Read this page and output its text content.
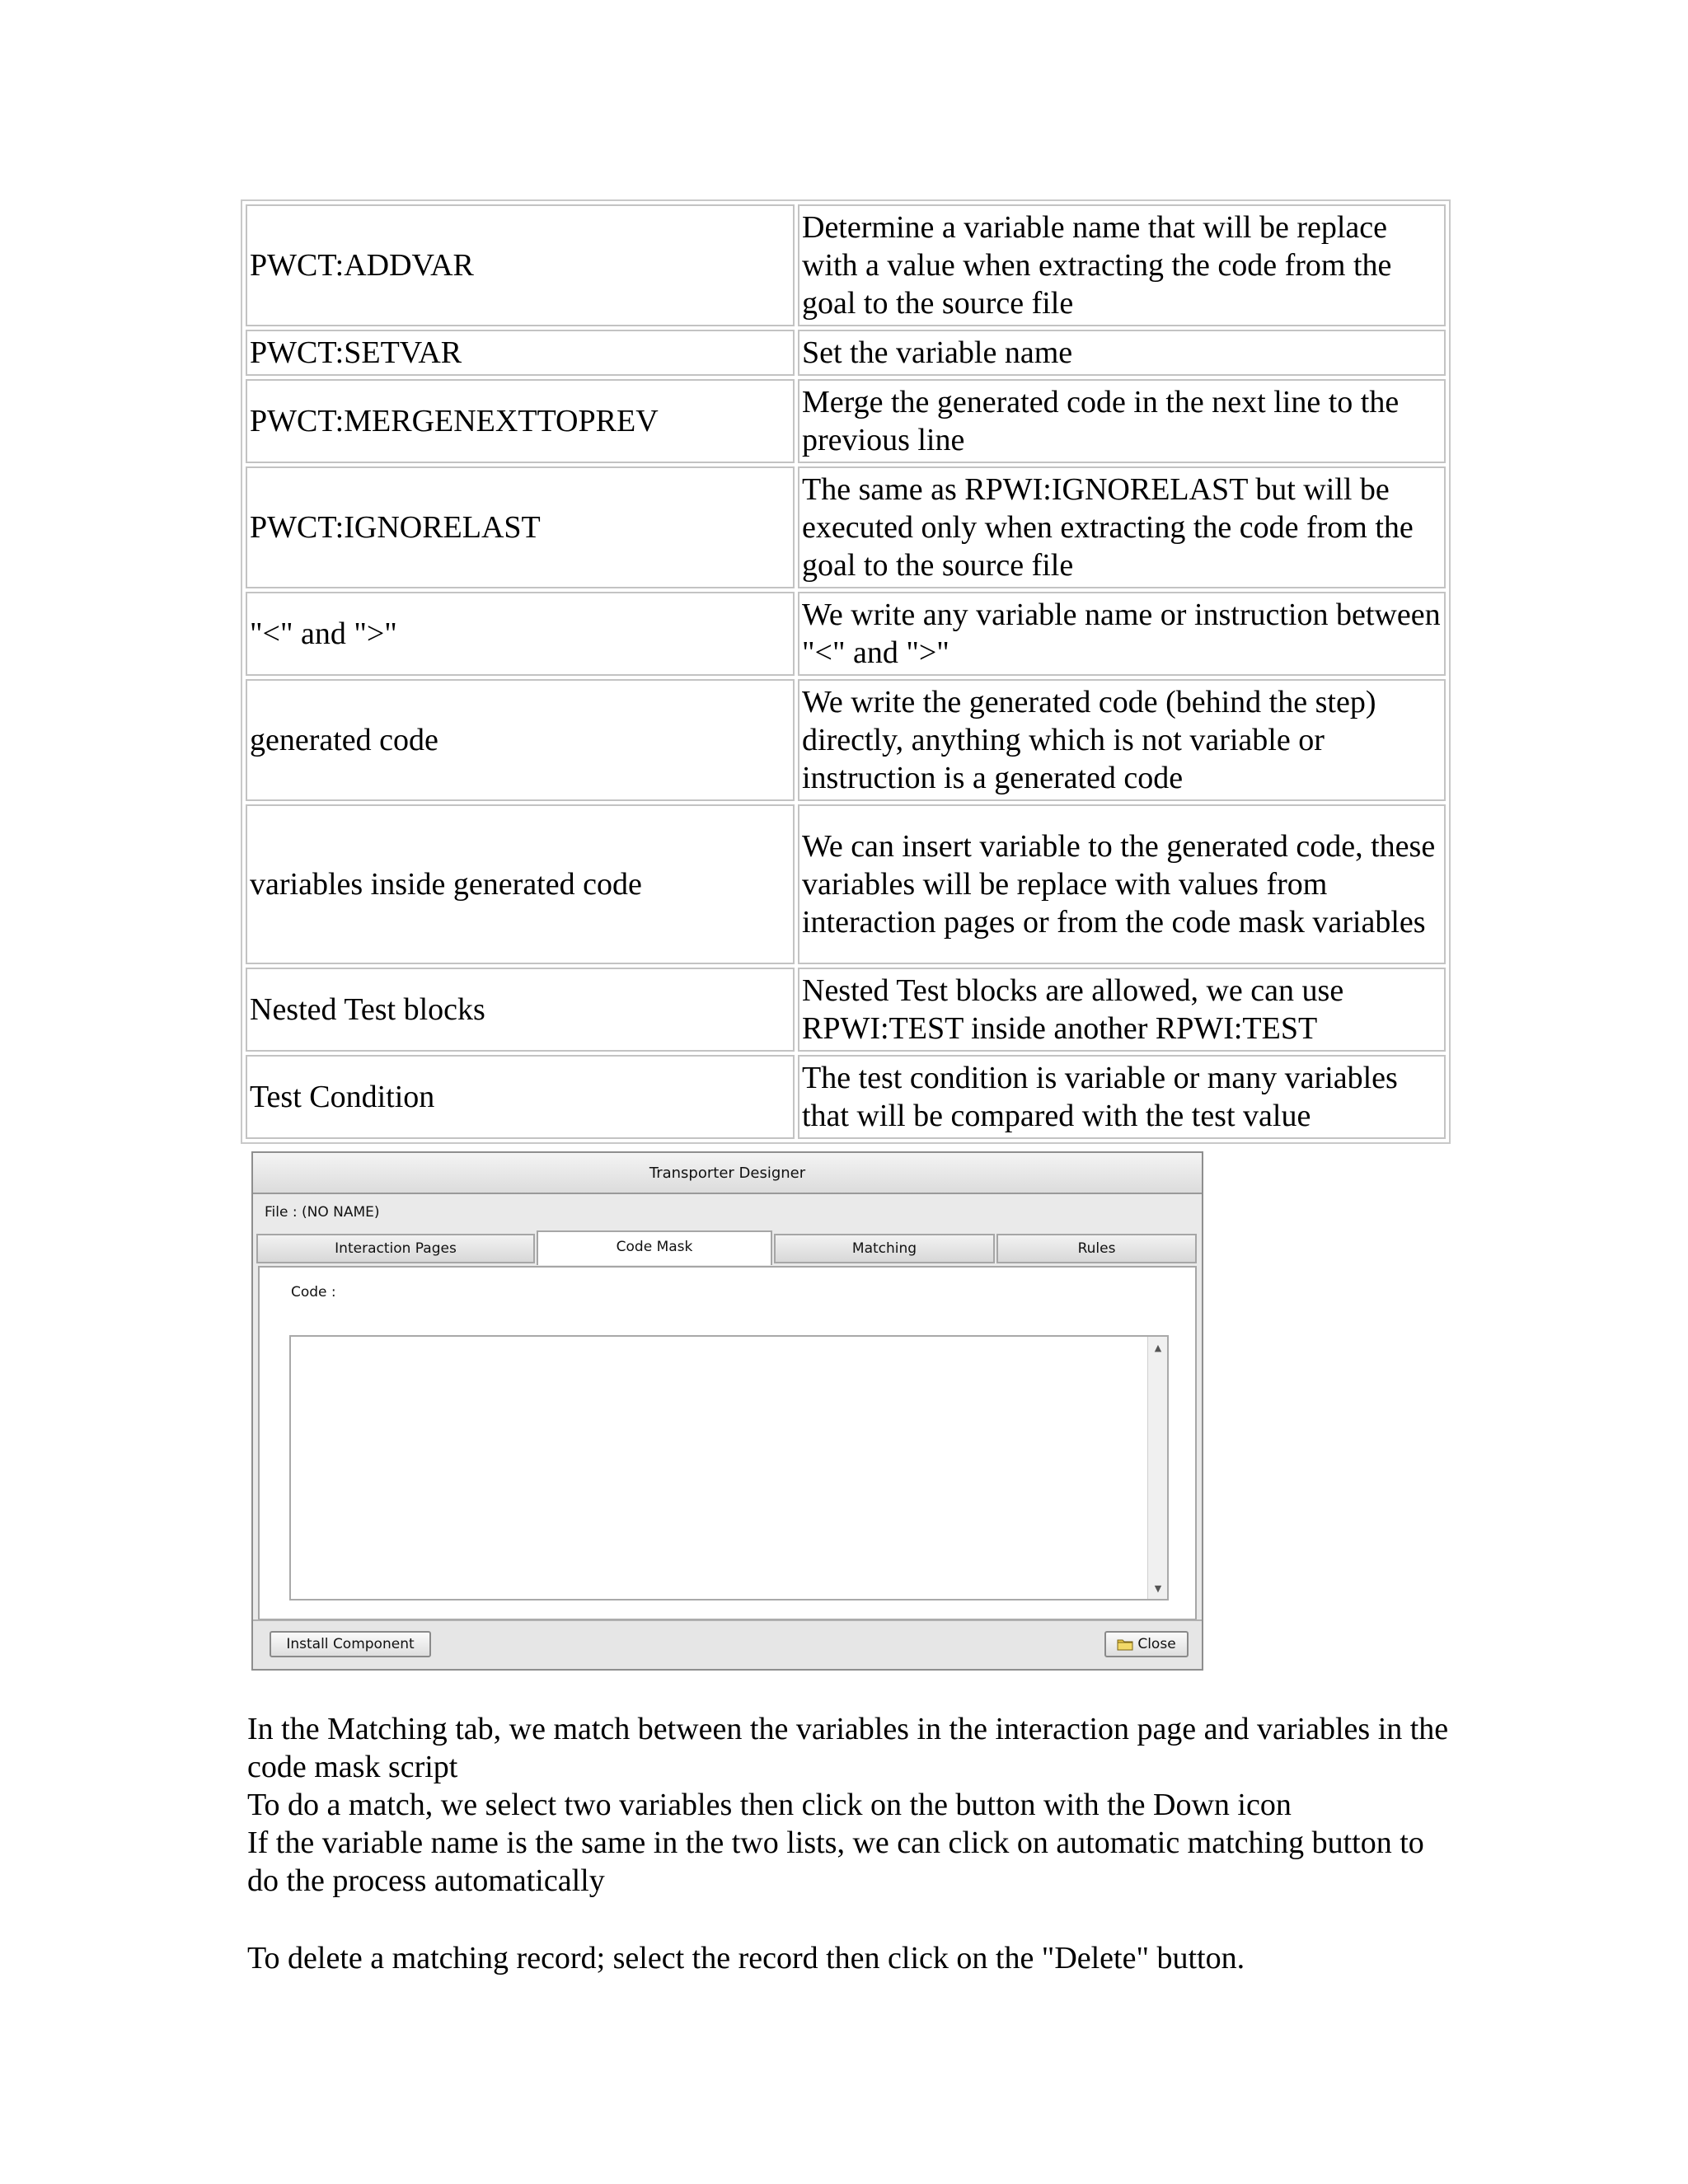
PWCT:ADDVAR	Determine a variable name that will be replace with a value when extracting the code from the goal to the source file
PWCT:SETVAR	Set the variable name
PWCT:MERGENEXTTOPREV	Merge the generated code in the next line to the previous line
PWCT:IGNORELAST	The same as RPWI:IGNORELAST but will be executed only when extracting the code from the goal to the source file
"<" and ">"	We write any variable name or instruction between "<" and ">"
generated code	We write the generated code (behind the step) directly, anything which is not variable or instruction is a generated code
variables inside generated code	We can insert variable to the generated code, these variables will be replace with values from interaction pages or from the code mask variables
Nested Test blocks	Nested Test blocks are allowed, we can use RPWI:TEST inside another RPWI:TEST
Test Condition	The test condition is variable or many variables that will be compared with the test value
Transporter Designer
File : (NO NAME)
Interaction Pages	Code Mask	Matching	Rules
Code :
▲
▼
Install Component	Close

In the Matching tab, we match between the variables in the interaction page and variables in the code mask script

To do a match, we select two variables then click on the button with the Down icon

If the variable name is the same in the two lists, we can click on automatic matching button to do the process automatically

To delete a matching record; select the record then click on the "Delete" button.
